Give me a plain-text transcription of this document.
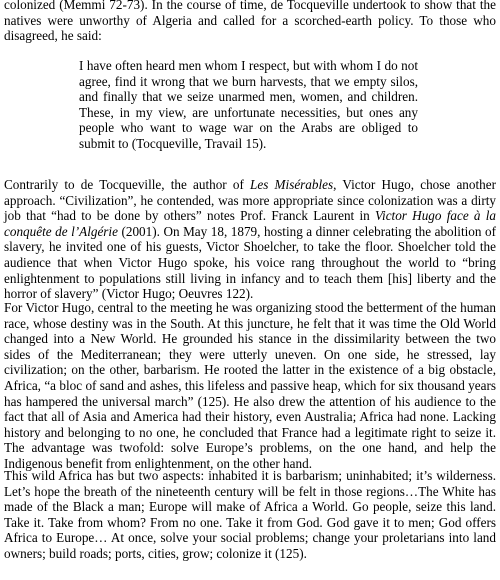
colonized (Memmi 72-73). In the course of time, de Tocqueville undertook to show that the natives were unworthy of Algeria and called for a scorched-earth policy. To those who disagreed, he said:

I have often heard men whom I respect, but with whom I do not agree, find it wrong that we burn harvests, that we empty silos, and finally that we seize unarmed men, women, and children. These, in my view, are unfortunate necessities, but ones any people who want to wage war on the Arabs are obliged to submit to (Tocqueville, Travail 15).

Contrarily to de Tocqueville, the author of Les Misérables, Victor Hugo, chose another approach. “Civilization”, he contended, was more appropriate since colonization was a dirty job that “had to be done by others” notes Prof. Franck Laurent in Victor Hugo face à la conquête de l’Algérie (2001). On May 18, 1879, hosting a dinner celebrating the abolition of slavery, he invited one of his guests, Victor Shoelcher, to take the floor. Shoelcher told the audience that when Victor Hugo spoke, his voice rang throughout the world to “bring enlightenment to populations still living in infancy and to teach them [his] liberty and the horror of slavery” (Victor Hugo; Oeuvres 122).

For Victor Hugo, central to the meeting he was organizing stood the betterment of the human race, whose destiny was in the South. At this juncture, he felt that it was time the Old World changed into a New World. He grounded his stance in the dissimilarity between the two sides of the Mediterranean; they were utterly uneven. On one side, he stressed, lay civilization; on the other, barbarism. He rooted the latter in the existence of a big obstacle, Africa, “a bloc of sand and ashes, this lifeless and passive heap, which for six thousand years has hampered the universal march” (125). He also drew the attention of his audience to the fact that all of Asia and America had their history, even Australia; Africa had none. Lacking history and belonging to no one, he concluded that France had a legitimate right to seize it. The advantage was twofold: solve Europe’s problems, on the one hand, and help the Indigenous benefit from enlightenment, on the other hand.

This wild Africa has but two aspects: inhabited it is barbarism; uninhabited; it’s wilderness. Let’s hope the breath of the nineteenth century will be felt in those regions…The White has made of the Black a man; Europe will make of Africa a World. Go people, seize this land. Take it. Take from whom? From no one. Take it from God. God gave it to men; God offers Africa to Europe… At once, solve your social problems; change your proletarians into land owners; build roads; ports, cities, grow; colonize it (125).
